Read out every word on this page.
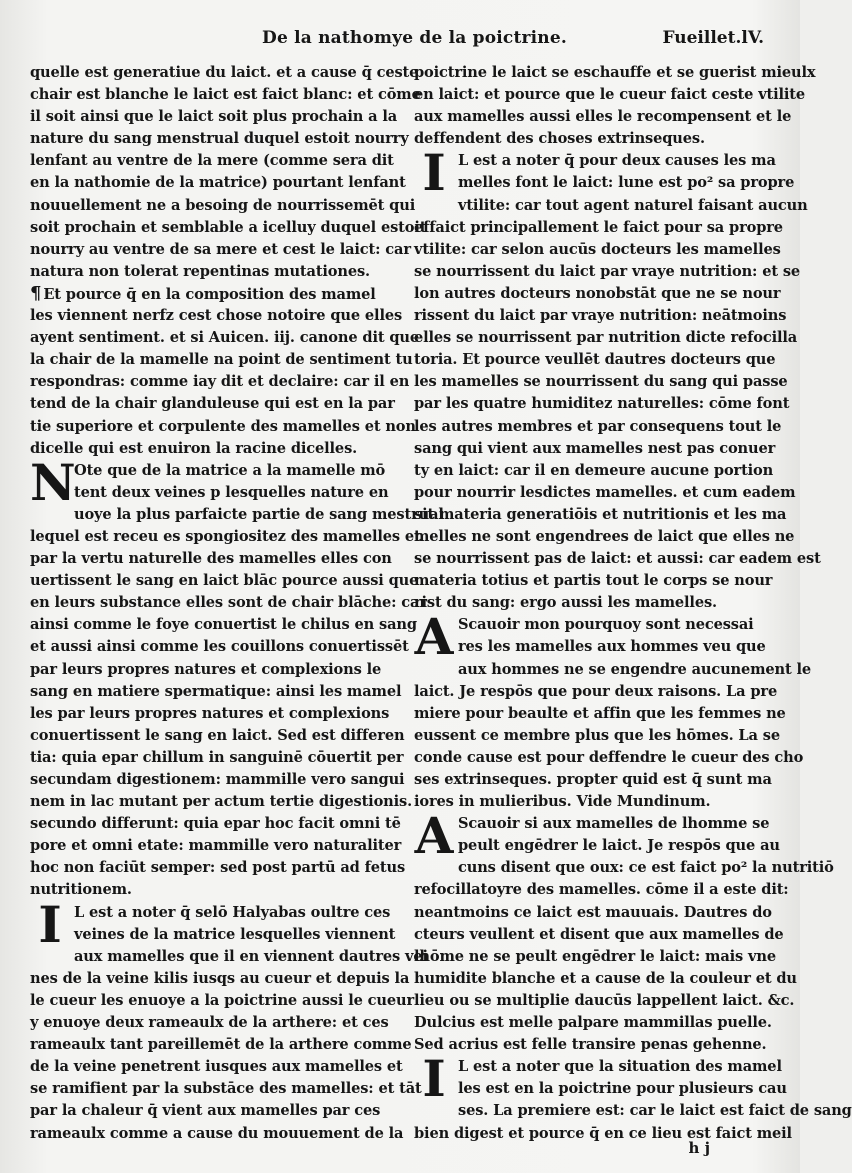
De la nathomye de la poictrine.	Fueillet.lV.
quelle est generatiue du laict. et a cause q̄ ceste
chair est blanche le laict est faict blanc: et cōme
il soit ainsi que le laict soit plus prochain a la
nature du sang menstrual duquel estoit nourry
lenfant au ventre de la mere (comme sera dit
en la nathomie de la matrice) pourtant lenfant
nouuellement ne a besoing de nourrissemēt qui
soit prochain et semblable a icelluy duquel estoit
nourry au ventre de sa mere et cest le laict: car
natura non tolerat repentinas mutationes.
¶ Et pource q̄ en la composition des mamel
les viennent nerfz cest chose notoire que elles
ayent sentiment. et si Auicen. iij. canone dit que
la chair de la mamelle na point de sentiment tu
respondras: comme iay dit et declaire: car il en
tend de la chair glanduleuse qui est en la par
tie superiore et corpulente des mamelles et non
dicelle qui est enuiron la racine dicelles.
N
Ote que de la matrice a la mamelle mō
tent deux veines p lesquelles nature en
uoye la plus parfaicte partie de sang mestrual
lequel est receu es spongiositez des mamelles et
par la vertu naturelle des mamelles elles con
uertissent le sang en laict blāc pource aussi que
en leurs substance elles sont de chair blāche: car
ainsi comme le foye conuertist le chilus en sang
et aussi ainsi comme les couillons conuertissēt
par leurs propres natures et complexions le
sang en matiere spermatique: ainsi les mamel
les par leurs propres natures et complexions
conuertissent le sang en laict. Sed est differen
tia: quia epar chillum in sanguinē cōuertit per
secundam digestionem: mammille vero sangui
nem in lac mutant per actum tertie digestionis.
secundo differunt: quia epar hoc facit omni tē
pore et omni etate: mammille vero naturaliter
hoc non faciūt semper: sed post partū ad fetus
nutritionem.
I L est a noter q̄ selō Halyabas oultre ces
veines de la matrice lesquelles viennent
aux mamelles que il en viennent dautres vei
nes de la veine kilis iusqs au cueur et depuis la
le cueur les enuoye a la poictrine aussi le cueur
y enuoye deux rameaulx de la arthere: et ces
rameaulx tant pareillemēt de la arthere comme
de la veine penetrent iusques aux mamelles et
se ramifient par la substāce des mamelles: et tāt
par la chaleur q̄ vient aux mamelles par ces
rameaulx comme a cause du mouuement de la
poictrine le laict se eschauffe et se guerist mieulx
en laict: et pource que le cueur faict ceste vtilite
aux mamelles aussi elles le recompensent et le
deffendent des choses extrinseques.
I L est a noter q̄ pour deux causes les ma
melles font le laict: lune est po² sa propre
vtilite: car tout agent naturel faisant aucun
effaict principallement le faict pour sa propre
vtilite: car selon aucūs docteurs les mamelles
se nourrissent du laict par vraye nutrition: et se
lon autres docteurs nonobstāt que ne se nour
rissent du laict par vraye nutrition: neātmoins
elles se nourrissent par nutrition dicte refocilla
toria. Et pource veullēt dautres docteurs que
les mamelles se nourrissent du sang qui passe
par les quatre humiditez naturelles: cōme font
les autres membres et par consequens tout le
sang qui vient aux mamelles nest pas conuer
ty en laict: car il en demeure aucune portion
pour nourrir lesdictes mamelles. et cum eadem
sit materia generatiōis et nutritionis et les ma
melles ne sont engendrees de laict que elles ne
se nourrissent pas de laict: et aussi: car eadem est
materia totius et partis tout le corps se nour
rist du sang: ergo aussi les mamelles.
A Scauoir mon pourquoy sont necessai
res les mamelles aux hommes veu que
aux hommes ne se engendre aucunement le
laict. Je respōs que pour deux raisons. La pre
miere pour beaulte et affin que les femmes ne
eussent ce membre plus que les hōmes. La se
conde cause est pour deffendre le cueur des cho
ses extrinseques. propter quid est q̄ sunt ma
iores in mulieribus. Vide Mundinum.
A Scauoir si aux mamelles de lhomme se
peult engēdrer le laict. Je respōs que au
cuns disent que oux: ce est faict po² la nutritiō
refocillatoyre des mamelles. cōme il a este dit:
neantmoins ce laict est mauuais. Dautres do
cteurs veullent et disent que aux mamelles de
lhōme ne se peult engēdrer le laict: mais vne
humidite blanche et a cause de la couleur et du
lieu ou se multiplie daucūs lappellent laict. &c.
Dulcius est melle palpare mammillas puelle.
Sed acrius est felle transire penas gehenne.
I L est a noter que la situation des mamel
les est en la poictrine pour plusieurs cau
ses. La premiere est: car le laict est faict de sang
bien digest et pource q̄ en ce lieu est faict meil
h j
